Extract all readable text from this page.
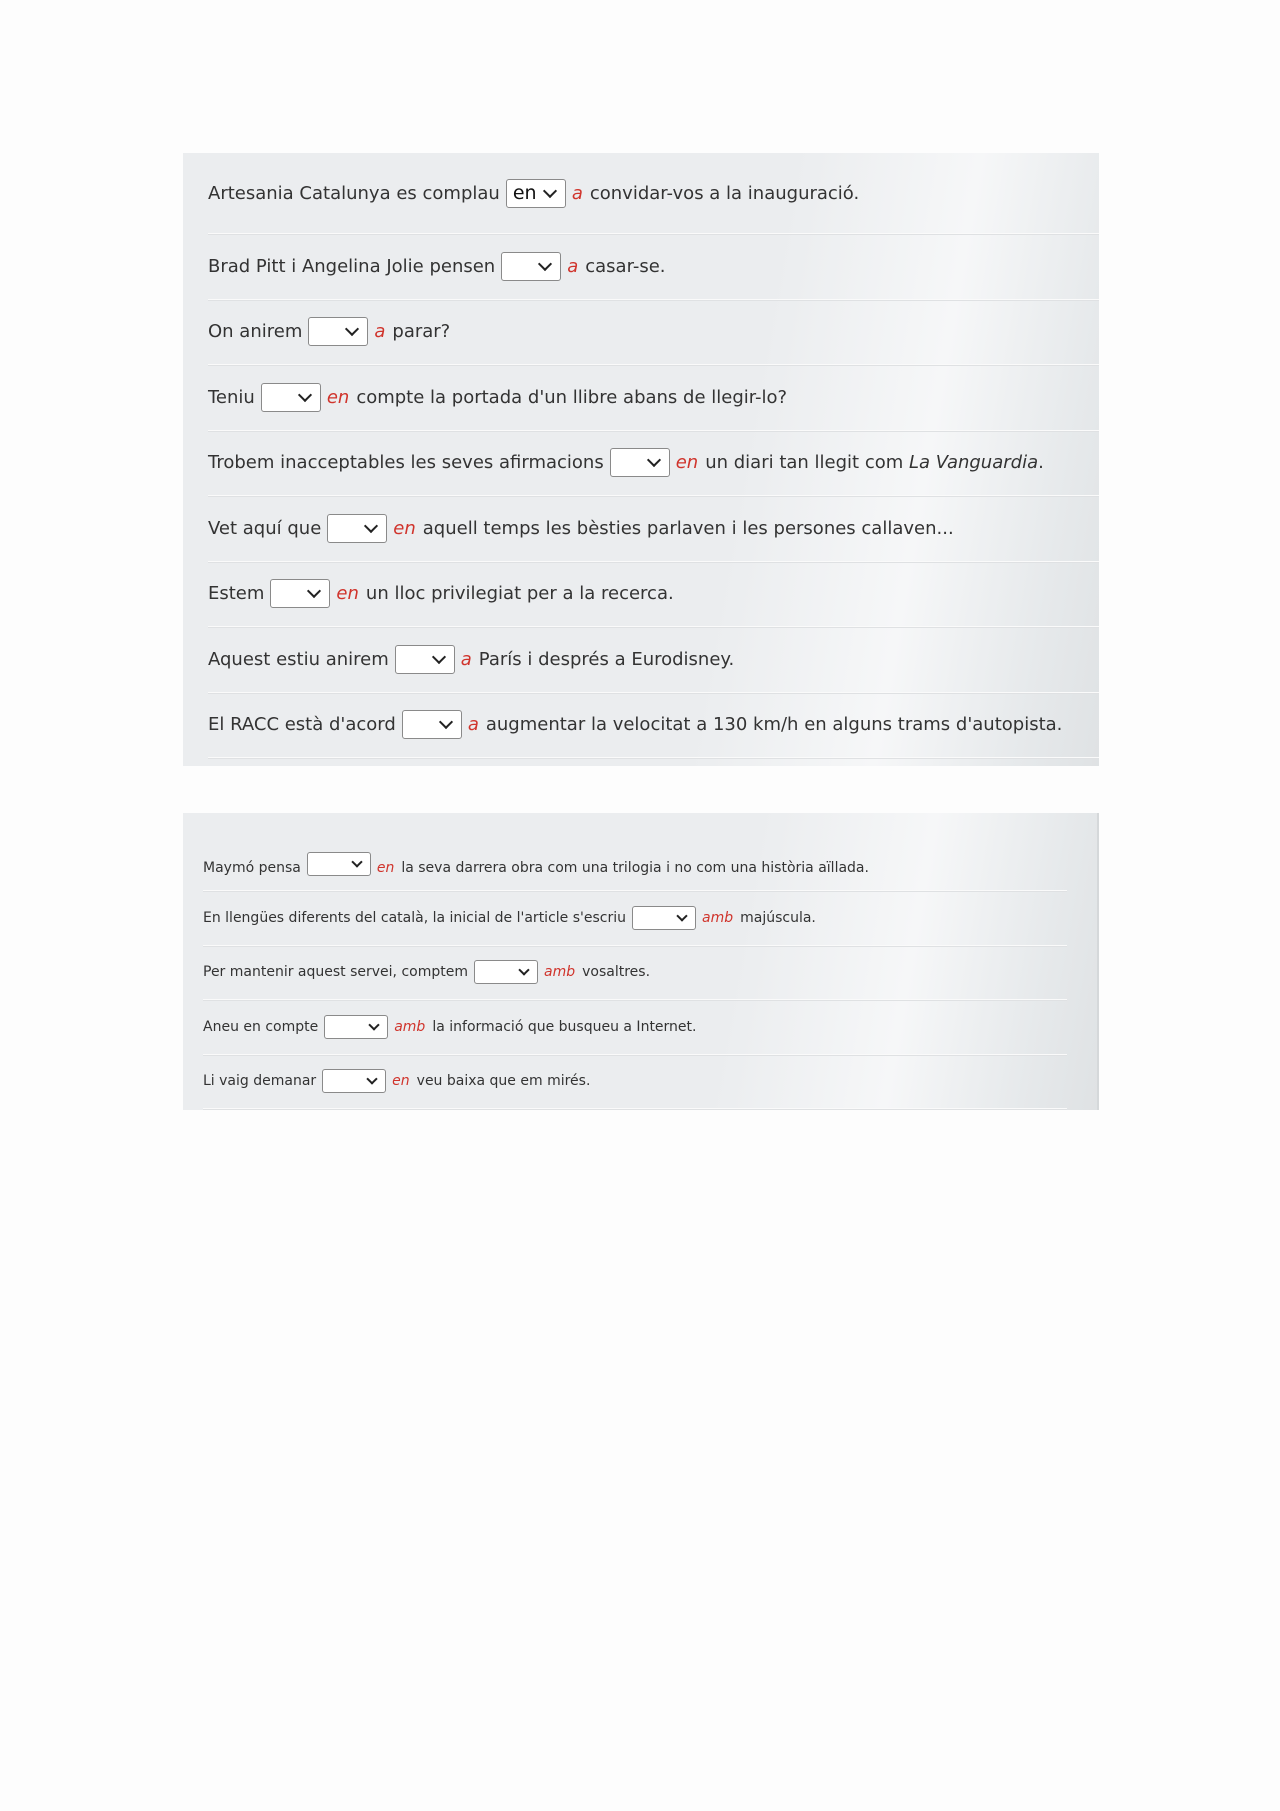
Artesania Catalunya es complau en a convidar-vos a la inauguració.
Brad Pitt i Angelina Jolie pensen	a casar-se.
On anirem	a parar?
Teniu	en compte la portada d'un llibre abans de llegir-lo?
Trobem inacceptables les seves afirmacions	en un diari tan llegit com
La Vanguardia .
Vet aquí que	en aquell temps les bèsties parlaven i les persones callaven...
Estem	en un lloc privilegiat per a la recerca.
Aquest estiu anirem	a París i després a Eurodisney.
El RACC està d'acord	a augmentar la velocitat a 130 km/h en alguns trams d'autopista.
Maymó pensa	en la seva darrera obra com una trilogia i no com una història aïllada.
En llengües diferents del català, la inicial de l'article s'escriu	amb majúscula.
Per mantenir aquest servei, comptem	amb vosaltres.
Aneu en compte	amb la informació que busqueu a Internet.
Li vaig demanar	en veu baixa que em mirés.
